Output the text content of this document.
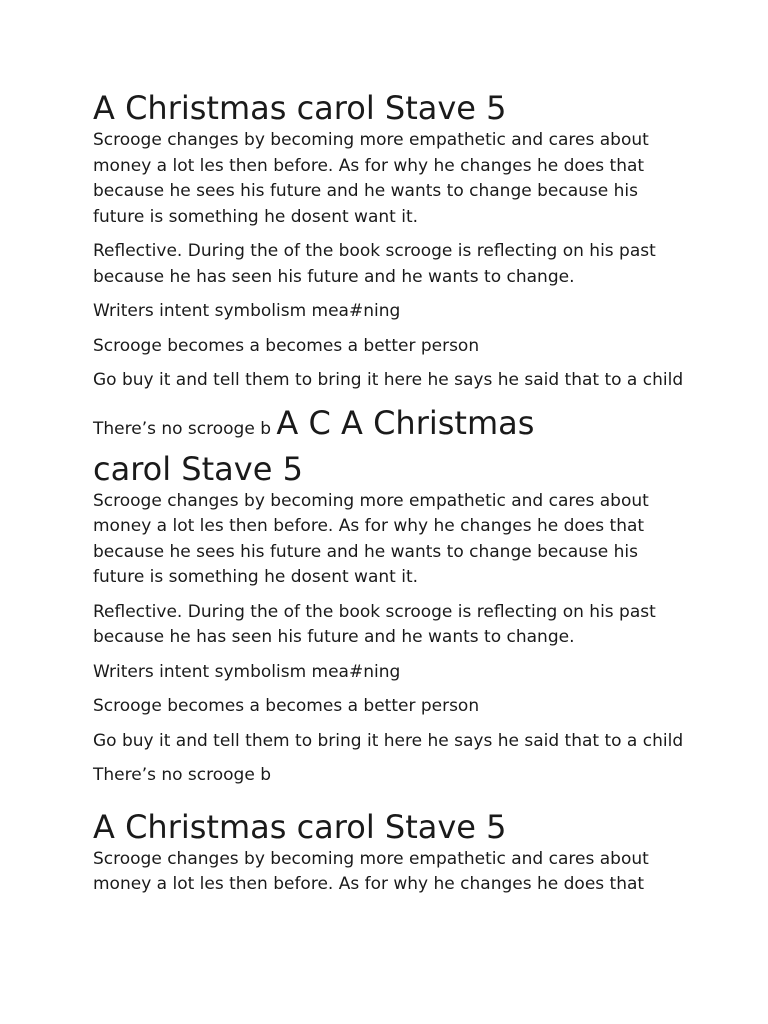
A Christmas carol Stave 5

Scrooge changes by becoming more empathetic and cares about money a lot les then before. As for why he changes he does that because he sees his future and he wants to change because his future is something he dosent want it.

Reflective. During the of the book scrooge is reflecting on his past because he has seen his future and he wants to change.

Writers intent symbolism mea#ning

Scrooge becomes a becomes a better person

Go buy it and tell them to bring it here he says he said that to a child

There’s no scrooge b A C A Christmas

carol Stave 5

Scrooge changes by becoming more empathetic and cares about money a lot les then before. As for why he changes he does that because he sees his future and he wants to change because his future is something he dosent want it.

Reflective. During the of the book scrooge is reflecting on his past because he has seen his future and he wants to change.

Writers intent symbolism mea#ning

Scrooge becomes a becomes a better person

Go buy it and tell them to bring it here he says he said that to a child

There’s no scrooge b

A Christmas carol Stave 5

Scrooge changes by becoming more empathetic and cares about
money a lot les then before. As for why he changes he does that
